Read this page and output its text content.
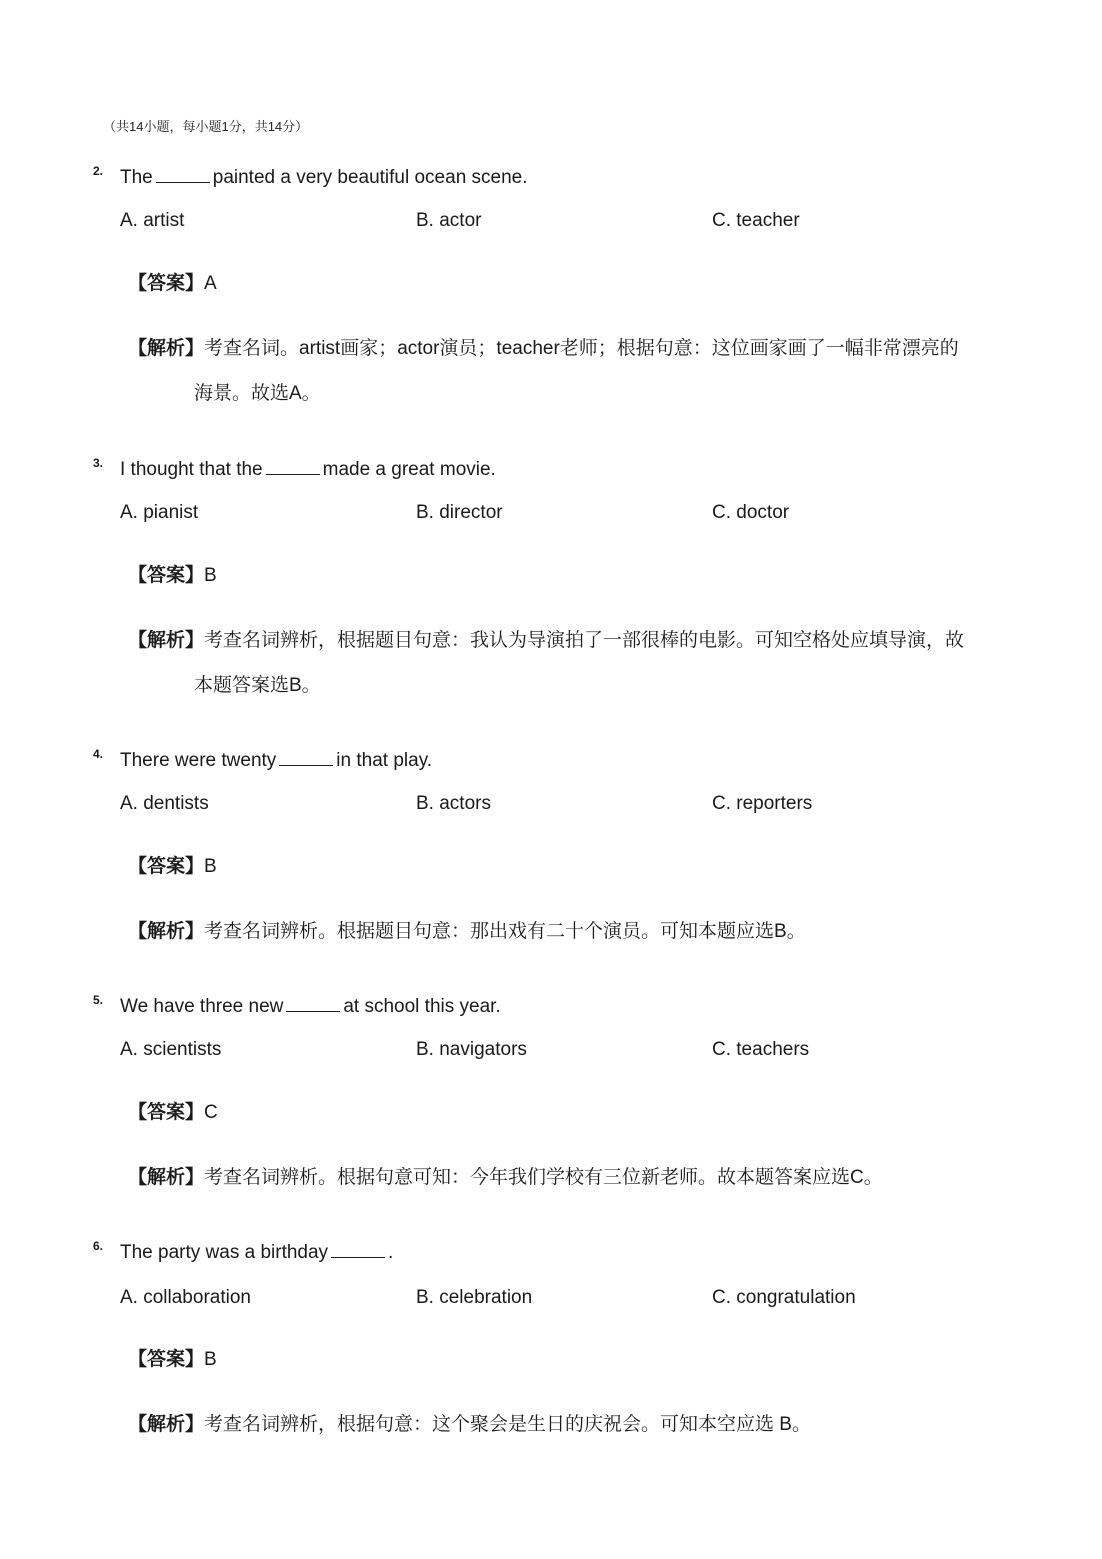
（共14小题，每小题1分，共14分）
2. The	painted a very beautiful ocean scene.
A. artist	B. actor	C. teacher
【答案】A
【解析】考查名词。artist画家；actor演员；teacher老师；根据句意：这位画家画了一幅非常漂亮的
海景。故选A。
3. I thought that the	made a great movie.
A. pianist	B. director	C. doctor
【答案】B
【解析】考查名词辨析，根据题目句意：我认为导演拍了一部很棒的电影。可知空格处应填导演，故
本题答案选B。
4. There were twenty	in that play.
A. dentists	B. actors	C. reporters
【答案】B
【解析】考查名词辨析。根据题目句意：那出戏有二十个演员。可知本题应选B。
5. We have three new	at school this year.
A. scientists	B. navigators	C. teachers
【答案】C
【解析】考查名词辨析。根据句意可知：今年我们学校有三位新老师。故本题答案应选C。
6. The party was a birthday	.
A. collaboration	B. celebration	C. congratulation
【答案】B
【解析】考查名词辨析，根据句意：这个聚会是生日的庆祝会。可知本空应选 B。
